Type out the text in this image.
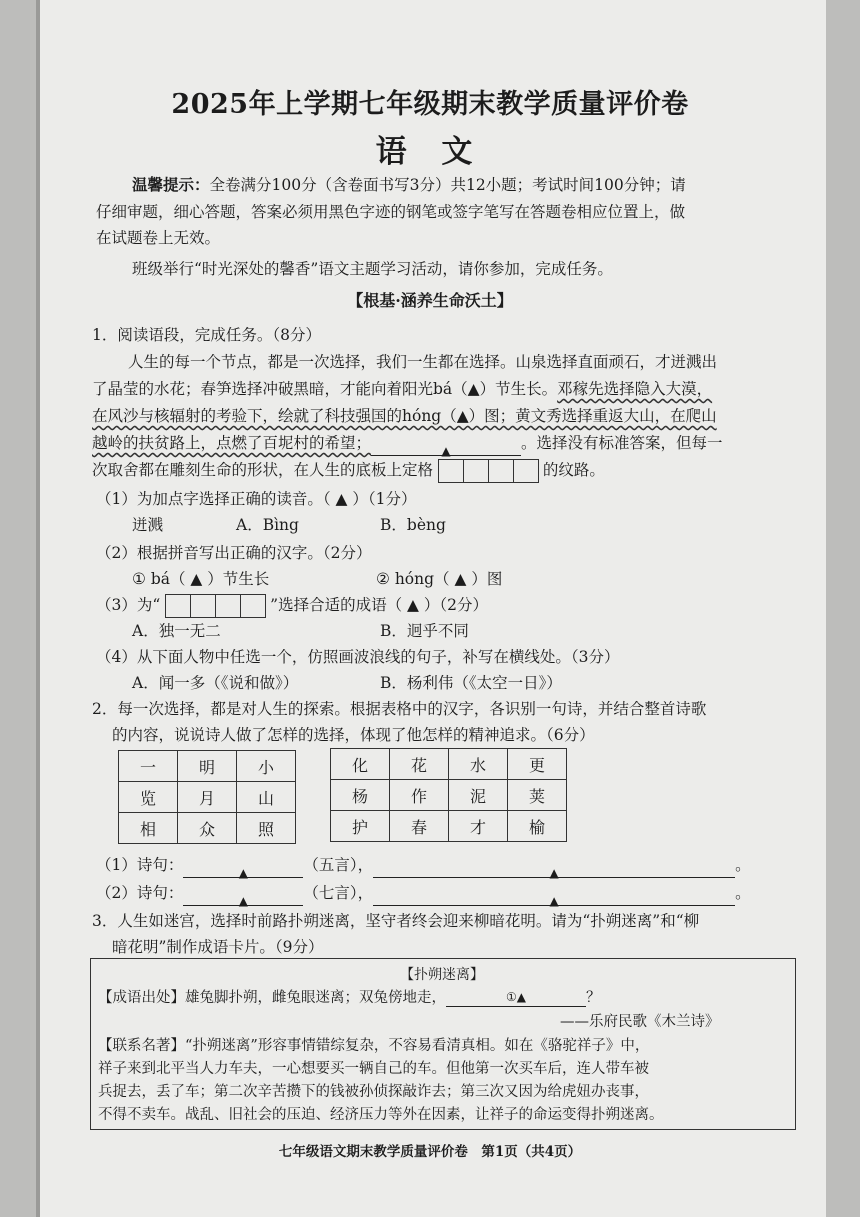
2025年上学期七年级期末教学质量评价卷
语 文
温馨提示：全卷满分100分（含卷面书写3分）共12小题；考试时间100分钟；请
仔细审题，细心答题，答案必须用黑色字迹的钢笔或签字笔写在答题卷相应位置上，做
在试题卷上无效。
班级举行“时光深处的馨香”语文主题学习活动，请你参加，完成任务。
【根基·涵养生命沃土】
1．阅读语段，完成任务。（8分）
人生的每一个节点，都是一次选择，我们一生都在选择。山泉选择直面顽石，才迸溅出
了晶莹的水花；春笋选择冲破黑暗，才能向着阳光bá（▲）节生长。邓稼先选择隐入大漠，
在风沙与核辐射的考验下，绘就了科技强国的hóng（▲）图；黄文秀选择重返大山，在爬山
越岭的扶贫路上，点燃了百坭村的希望；	▲	。选择没有标准答案，但每一
次取舍都在雕刻生命的形状，在人生的底板上定格	的纹路。
（1）为加点字选择正确的读音。（ ▲ ）（1分）
迸溅	A．Bìng	B．bèng
（2）根据拼音写出正确的汉字。（2分）
① bá（ ▲ ）节生长	② hóng（ ▲ ）图
（3）为“	”选择合适的成语（ ▲ ）（2分）
A．独一无二	B．迥乎不同
（4）从下面人物中任选一个，仿照画波浪线的句子，补写在横线处。（3分）
A．闻一多（《说和做》）	B．杨利伟（《太空一日》）
2．每一次选择，都是对人生的探索。根据表格中的汉字，各识别一句诗，并结合整首诗歌
的内容，说说诗人做了怎样的选择，体现了他怎样的精神追求。（6分）
一	明	小
览	月	山
相	众	照
化	花	水	更
杨	作	泥	荚
护	春	才	榆
（1）诗句：	▲	（五言），	▲	。
（2）诗句：	▲	（七言），	▲	。
3．人生如迷宫，选择时前路扑朔迷离，坚守者终会迎来柳暗花明。请为“扑朔迷离”和“柳
暗花明”制作成语卡片。（9分）
【扑朔迷离】
【成语出处】雄兔脚扑朔，雌兔眼迷离；双兔傍地走，	①▲	？
——乐府民歌《木兰诗》
【联系名著】“扑朔迷离”形容事情错综复杂，不容易看清真相。如在《骆驼祥子》中，
祥子来到北平当人力车夫，一心想要买一辆自己的车。但他第一次买车后，连人带车被
兵捉去，丢了车；第二次辛苦攒下的钱被孙侦探敲诈去；第三次又因为给虎妞办丧事，
不得不卖车。战乱、旧社会的压迫、经济压力等外在因素，让祥子的命运变得扑朔迷离。
七年级语文期末教学质量评价卷　第1页（共4页）
